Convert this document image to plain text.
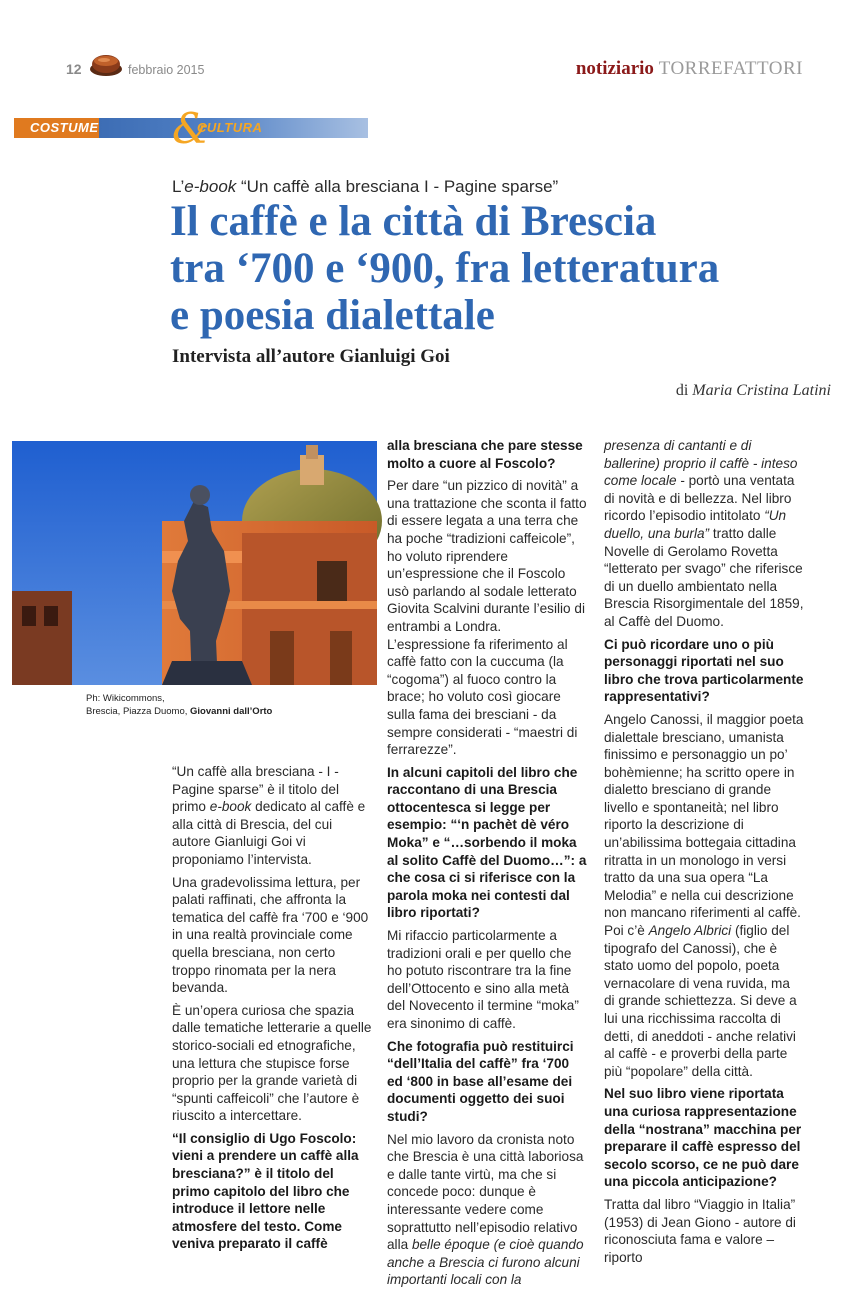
12	febbraio 2015	notiziario TORREFATTORI
COSTUME &
CULTURA
L’e-book “Un caffè alla bresciana I - Pagine sparse”
Il caffè e la città di Brescia
tra ‘700 e ‘900, fra letteratura
e poesia dialettale
Intervista all’autore Gianluigi Goi
di Maria Cristina Latini
Ph: Wikicommons,
Brescia, Piazza Duomo, Giovanni dall’Orto

“Un caffè alla bresciana - I - Pagine sparse” è il titolo del primo e-book dedicato al caffè e alla città di Brescia, del cui autore Gianluigi Goi vi proponiamo l’intervista.

Una gradevolissima lettura, per palati raffinati, che affronta la tematica del caffè fra ‘700 e ‘900 in una realtà provinciale come quella bresciana, non certo troppo rinomata per la nera bevanda.

È un’opera curiosa che spazia dalle tematiche letterarie a quelle storico-sociali ed etnografiche, una lettura che stupisce forse proprio per la grande varietà di “spunti caffeicoli” che l’autore è riuscito a intercettare.

“Il consiglio di Ugo Foscolo: vieni a prendere un caffè alla bresciana?” è il titolo del primo capitolo del libro che introduce il lettore nelle atmosfere del testo. Come veniva preparato il caffè

alla bresciana che pare stesse molto a cuore al Foscolo?

Per dare “un pizzico di novità” a una trattazione che sconta il fatto di essere legata a una terra che ha poche “tradizioni caffeicole”, ho voluto riprendere un’espressione che il Foscolo usò parlando al sodale letterato Giovita Scalvini durante l’esilio di entrambi a Londra. L’espressione fa riferimento al caffè fatto con la cuccuma (la “cogoma”) al fuoco contro la brace; ho voluto così giocare sulla fama dei bresciani - da sempre considerati - “maestri di ferrarezze”.

In alcuni capitoli del libro che raccontano di una Brescia ottocentesca si legge per esempio: “‘n pachèt dè véro Moka” e “…sorbendo il moka al solito Caffè del Duomo…”: a che cosa ci si riferisce con la parola moka nei contesti dal libro riportati?

Mi rifaccio particolarmente a tradizioni orali e per quello che ho potuto riscontrare tra la fine dell’Ottocento e sino alla metà del Novecento il termine “moka” era sinonimo di caffè.

Che fotografia può restituirci “dell’Italia del caffè” fra ‘700 ed ‘800 in base all’esame dei documenti oggetto dei suoi studi?

Nel mio lavoro da cronista noto che Brescia è una città laboriosa e dalle tante virtù, ma che si concede poco: dunque è interessante vedere come soprattutto nell’episodio relativo alla belle époque (e cioè quando anche a Brescia ci furono alcuni importanti locali con la

presenza di cantanti e di ballerine) proprio il caffè - inteso come locale - portò una ventata di novità e di bellezza. Nel libro ricordo l’episodio intitolato “Un duello, una burla” tratto dalle Novelle di Gerolamo Rovetta “letterato per svago” che riferisce di un duello ambientato nella Brescia Risorgimentale del 1859, al Caffè del Duomo.

Ci può ricordare uno o più personaggi riportati nel suo libro che trova particolarmente rappresentativi?

Angelo Canossi, il maggior poeta dialettale bresciano, umanista finissimo e personaggio un po’ bohèmienne; ha scritto opere in dialetto bresciano di grande livello e spontaneità; nel libro riporto la descrizione di un’abilissima bottegaia cittadina ritratta in un monologo in versi tratto da una sua opera “La Melodia” e nella cui descrizione non mancano riferimenti al caffè. Poi c’è Angelo Albrici (figlio del tipografo del Canossi), che è stato uomo del popolo, poeta vernacolare di vena ruvida, ma di grande schiettezza. Si deve a lui una ricchissima raccolta di detti, di aneddoti - anche relativi al caffè - e proverbi della parte più “popolare” della città.

Nel suo libro viene riportata una curiosa rappresentazione della “nostrana” macchina per preparare il caffè espresso del secolo scorso, ce ne può dare una piccola anticipazione?

Tratta dal libro “Viaggio in Italia” (1953) di Jean Giono - autore di riconosciuta fama e valore – riporto
